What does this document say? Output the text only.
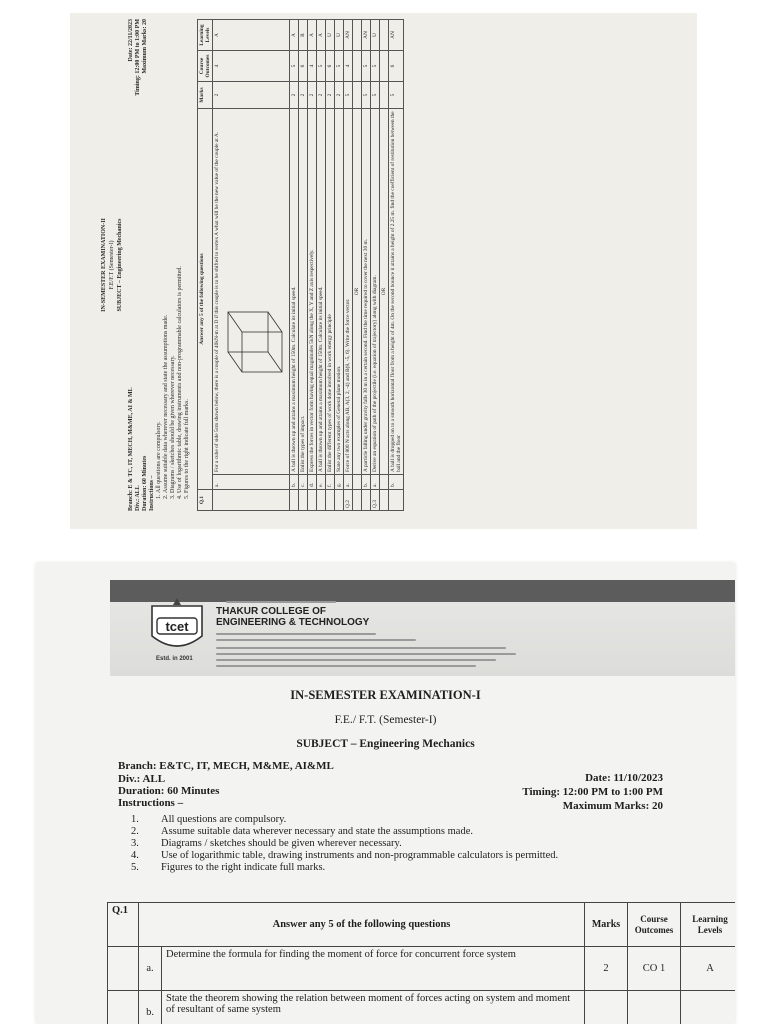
IN-SEMESTER EXAMINATION-II F.E/F.T (Semester-I) SUBJECT – Engineering Mechanics
Branch: E & TC, IT, MECH, M&ME, AI & ML
Date: 22/11/2023
Div.: ALL
Timing: 12:00 PM to 1:00 PM
Duration: 60 Minutes
Maximum Marks: 20
Instructions –
1. All questions are compulsory. 2. Assume suitable data wherever necessary and state the assumptions made. 3. Diagrams / sketches should be given wherever necessary. 4. Use of logarithmic table, drawing instruments and non-programmable calculators is permitted. 5. Figures to the right indicate full marks.
Q.1	Answer any 5 of the following questions		Marks	Course Outcomes	Learning Levels
	a.	For a cube of side 5cm shown below, there is a couple of 40kN-m at D if this couple is to be shifted to vertex A what will be the new value of the couple at A.	2	4	A
	b.	A ball is thrown up and attains a maximum height of 150m. Calculate its initial speed.	2	5	A
	c.	Enlist the types of impact.	2	6	R
	d.	Express the forces in vector form having equal magnitudes 5kN along the X, Y and Z axis respectively.	2	4	A
	e.	A ball is thrown up and attains a maximum height of 150m. Calculate its initial speed.	2	5	A
	f.	Enlist the different types of work done involved in work energy principle	2	6	U
	g.	State any two examples of General plane motion.	2	5	U
Q.2	a.	Force of 800 N acts along AB, A(3, 2, -4) and B(8, -5, 6). Write the force vector.	5	4	AN
		OR			
	b.	A particle falling under gravity falls 30 m in a certain second. Find the time required to cover the next 30 m.	5	5	AN
Q.3	a.	Derive an equation of path of the projectile (i.e. equation of trajectory) along with diagram.	5	5	U
		OR			
	b.	A ball is dropped on to a smooth horizontal floor from a height of 4m. On the second bounce it attains a height of 2.25 m. find the coefficient of restitution between the ball and the floor	5	6	AN
tcet
Estd. in 2001
THAKUR COLLEGE OF
ENGINEERING & TECHNOLOGY
IN-SEMESTER EXAMINATION-I
F.E./ F.T. (Semester-I)
SUBJECT – Engineering Mechanics
Branch: E&TC, IT, MECH, M&ME, AI&ML
Div.: ALL
Duration: 60 Minutes
Instructions –
Date: 11/10/2023
Timing: 12:00 PM to 1:00 PM
Maximum Marks: 20
1. All questions are compulsory.
2. Assume suitable data wherever necessary and state the assumptions made.
3. Diagrams / sketches should be given wherever necessary.
4. Use of logarithmic table, drawing instruments and non-programmable calculators is permitted.
5. Figures to the right indicate full marks.
Q.1	Answer any 5 of the following questions		Marks	Course Outcomes	Learning Levels
	a.	Determine the formula for finding the moment of force for concurrent force system	2	CO 1	A
	b.	State the theorem showing the relation between moment of forces acting on system and moment of resultant of same system			
